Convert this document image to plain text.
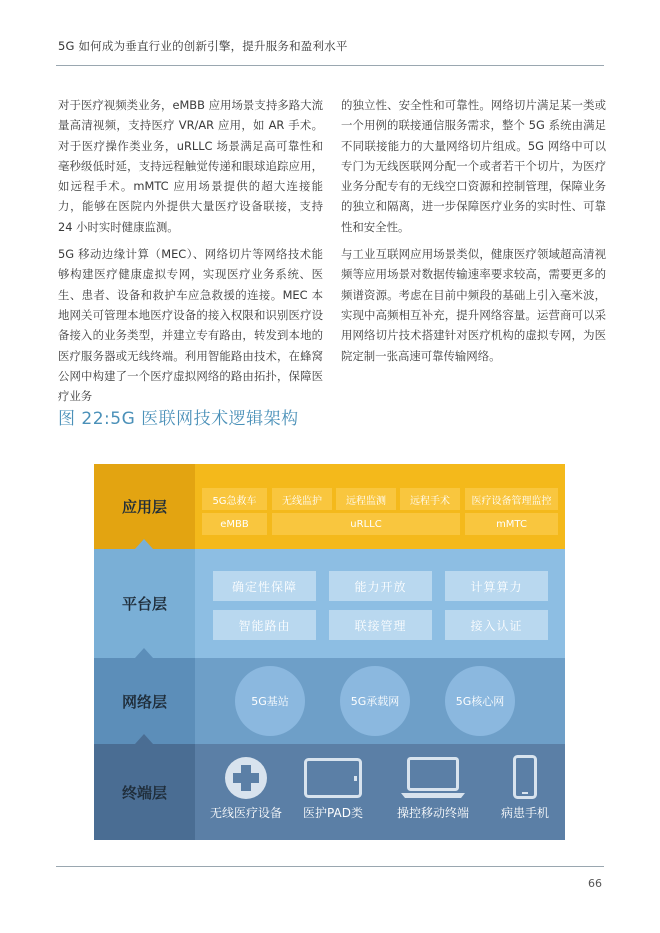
5G 如何成为垂直行业的创新引擎，提升服务和盈利水平

对于医疗视频类业务，eMBB 应用场景支持多路大流量高清视频，支持医疗 VR/AR 应用，如 AR 手术。对于医疗操作类业务，uRLLC 场景满足高可靠性和毫秒级低时延，支持远程触觉传递和眼球追踪应用，如远程手术。mMTC 应用场景提供的超大连接能力，能够在医院内外提供大量医疗设备联接，支持 24 小时实时健康监测。

5G 移动边缘计算（MEC）、网络切片等网络技术能够构建医疗健康虚拟专网，实现医疗业务系统、医生、患者、设备和救护车应急救援的连接。MEC 本地网关可管理本地医疗设备的接入权限和识别医疗设备接入的业务类型，并建立专有路由，转发到本地的医疗服务器或无线终端。利用智能路由技术，在蜂窝公网中构建了一个医疗虚拟网络的路由拓扑，保障医疗业务

的独立性、安全性和可靠性。网络切片满足某一类或一个用例的联接通信服务需求，整个 5G 系统由满足不同联接能力的大量网络切片组成。5G 网络中可以专门为无线医联网分配一个或者若干个切片，为医疗业务分配专有的无线空口资源和控制管理，保障业务的独立和隔离，进一步保障医疗业务的实时性、可靠性和安全性。

与工业互联网应用场景类似，健康医疗领域超高清视频等应用场景对数据传输速率要求较高，需要更多的频谱资源。考虑在目前中频段的基础上引入毫米波，实现中高频相互补充，提升网络容量。运营商可以采用网络切片技术搭建针对医疗机构的虚拟专网，为医院定制一张高速可靠传输网络。

图 22:5G 医联网技术逻辑架构
应用层	5G急救车	无线监护	远程监测	远程手术	医疗设备管理监控
eMBB	uRLLC	mMTC
平台层
确定性保障	能力开放	计算算力
智能路由	联接管理	接入认证
网络层	5G基站	5G承载网	5G核心网
终端层
无线医疗设备 医护PAD类	操控移动终端	病患手机
66
